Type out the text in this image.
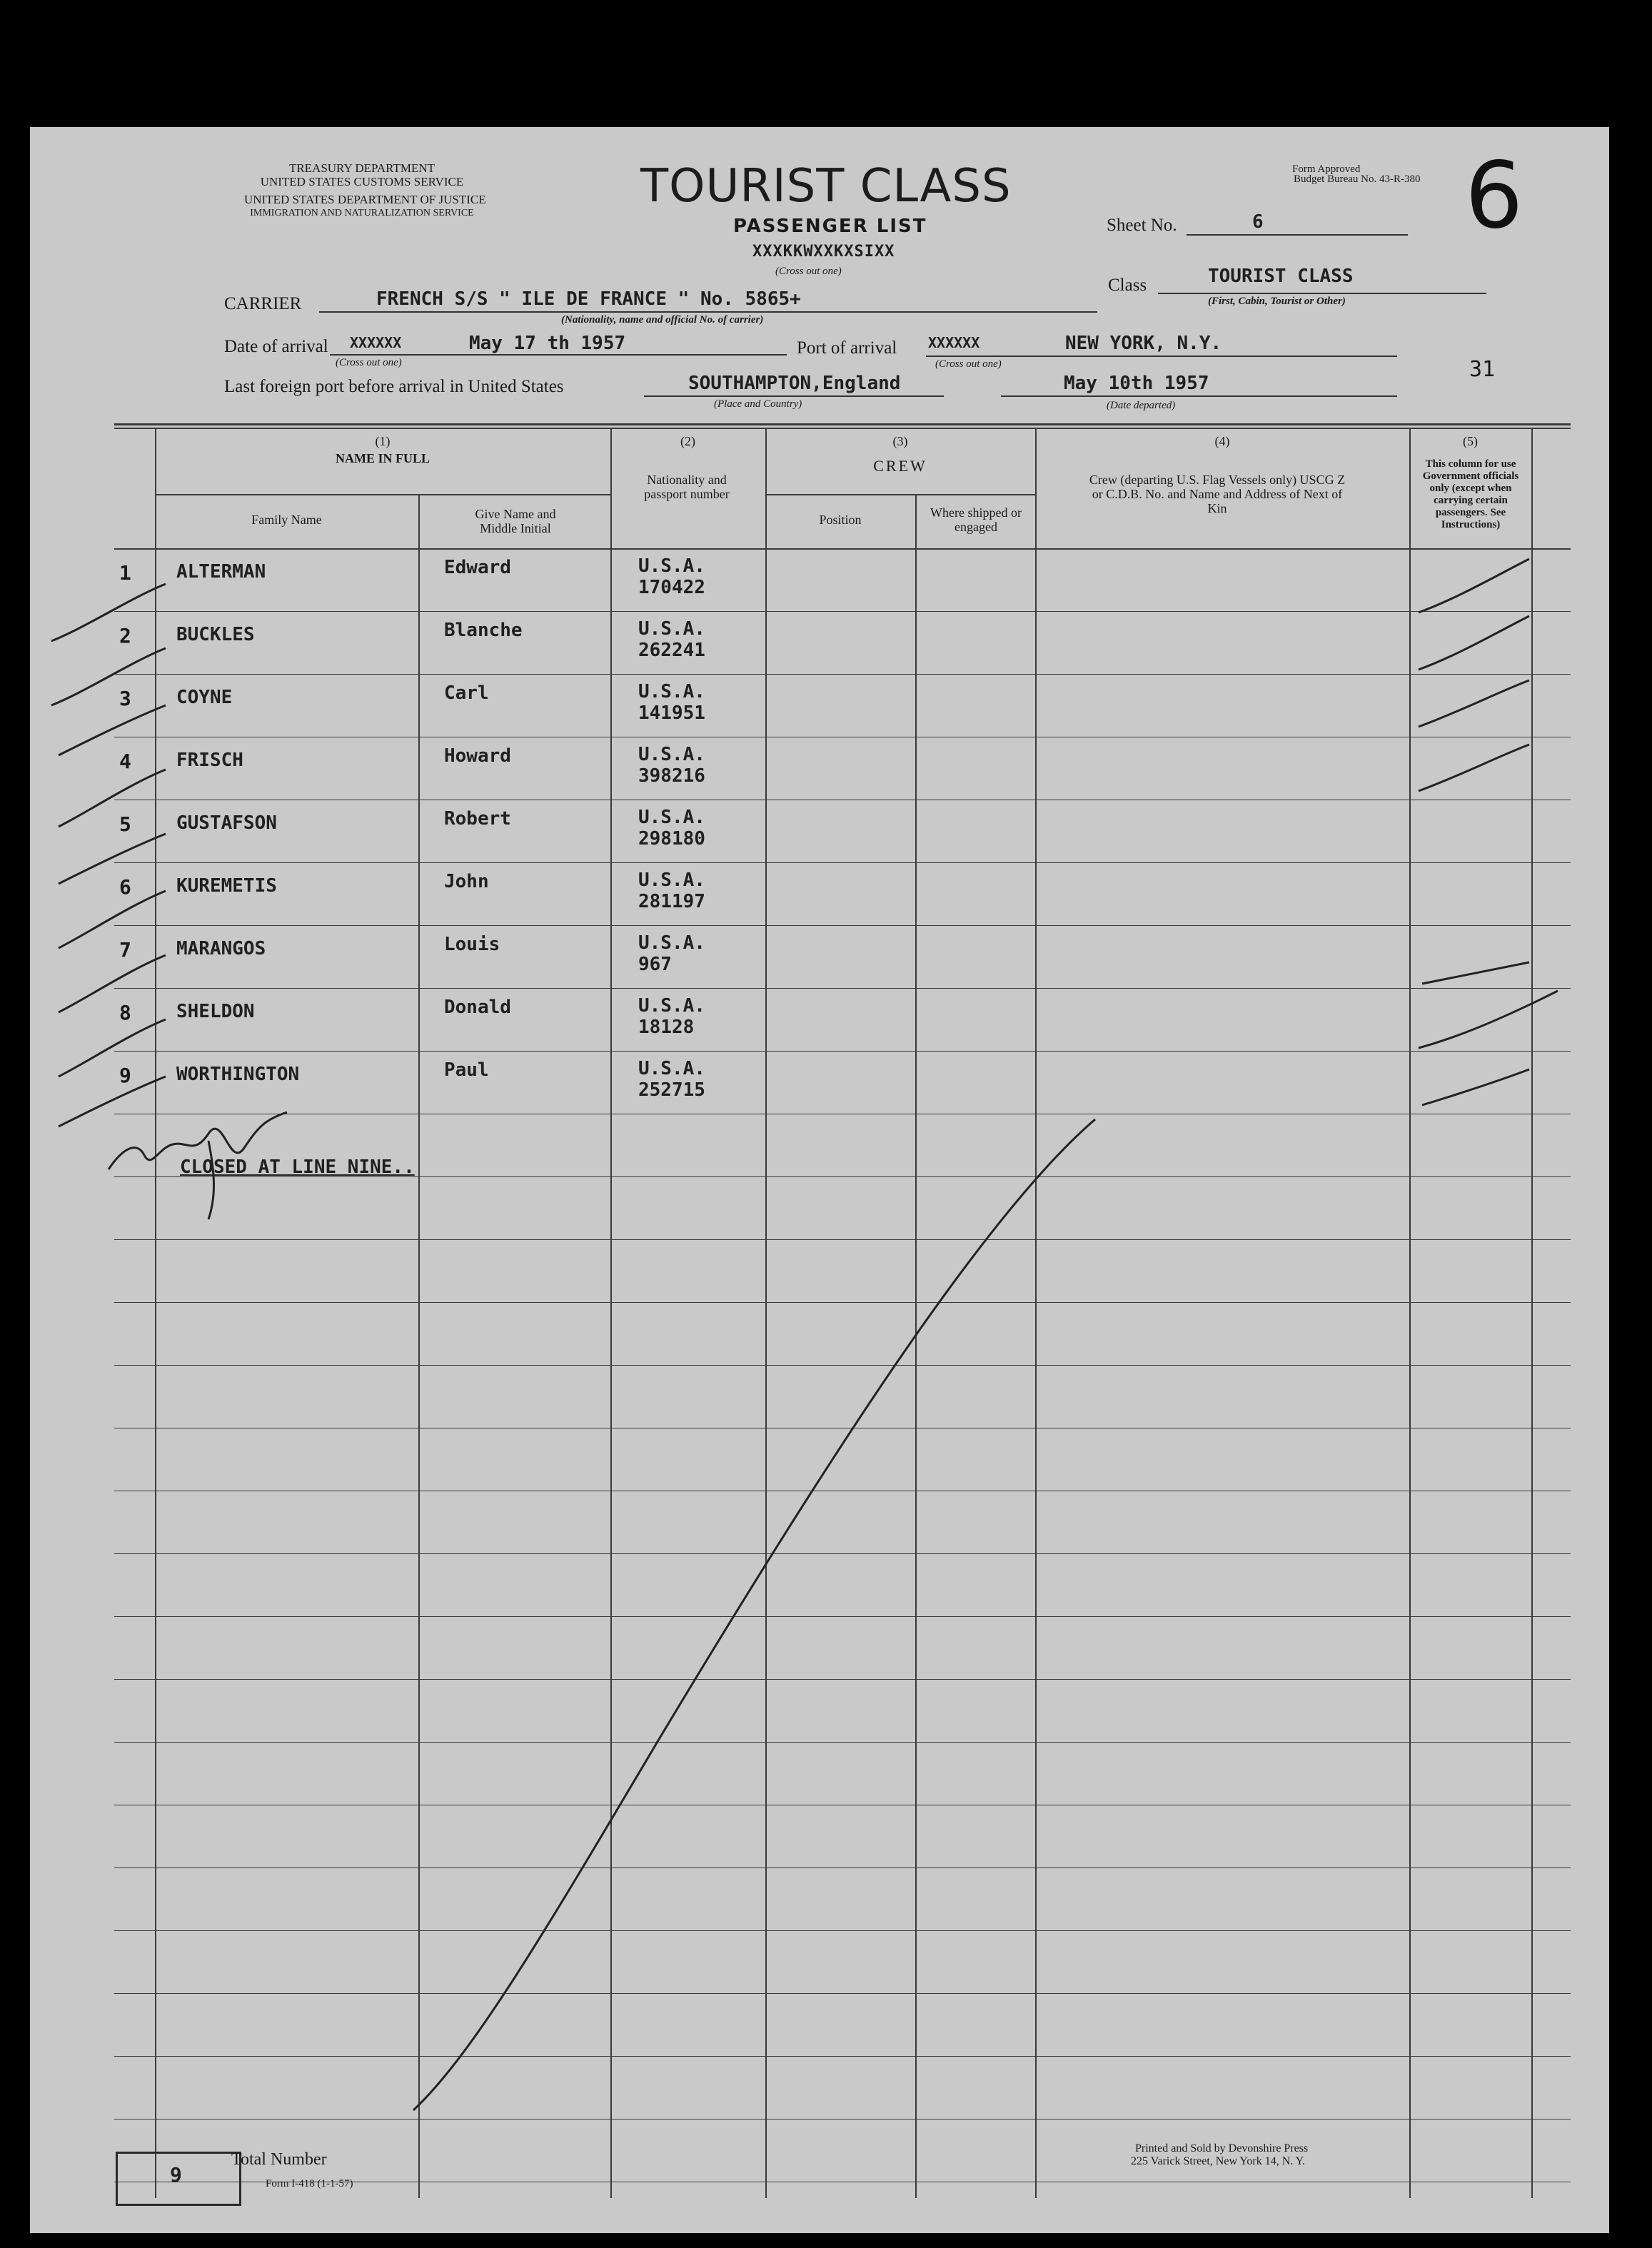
TREASURY DEPARTMENT
UNITED STATES CUSTOMS SERVICE
UNITED STATES DEPARTMENT OF JUSTICE
IMMIGRATION AND NATURALIZATION SERVICE
TOURIST CLASS
PASSENGER LIST
XXXKKWXXKXSIXX
(Cross out one)
Form Approved
Budget Bureau No. 43-R-380 6
Sheet No.	6
Class	TOURIST CLASS
(First, Cabin, Tourist or Other)
CARRIER	FRENCH S/S " ILE DE FRANCE " No. 5865+
(Nationality, name and official No. of carrier)
Date of arrival XXXXXX	May 17 th 1957
(Cross out one)
Port of arrival XXXXXX	NEW YORK, N.Y.
(Cross out one)
Last foreign port before arrival in United States	SOUTHAMPTON,England
(Place and Country)
May 10th 1957
(Date departed)
31
(1)
NAME IN FULL
Family Name	Give Name and Middle Initial
(2)
Nationality and passport number
(3)
CREW
Position	Where shipped or engaged
(4)
Crew (departing U.S. Flag Vessels only) USCG Z or C.D.B. No. and Name and Address of Next of Kin
(5)
This column for use Government officials only (except when carrying certain passengers. See Instructions)
1 ALTERMAN	Edward	U.S.A.
170422
2 BUCKLES	Blanche	U.S.A.
262241
3 COYNE	Carl	U.S.A.
141951
4 FRISCH	Howard	U.S.A.
398216
5 GUSTAFSON	Robert	U.S.A.
298180
6 KUREMETIS	John	U.S.A.
281197
7 MARANGOS	Louis	U.S.A.
967
8 SHELDON	Donald	U.S.A.
18128
9 WORTHINGTON	Paul	U.S.A.
252715
CLOSED AT LINE NINE..
9
Total Number
Form I-418 (1-1-57)
Printed and Sold by Devonshire Press
225 Varick Street, New York 14, N. Y.
